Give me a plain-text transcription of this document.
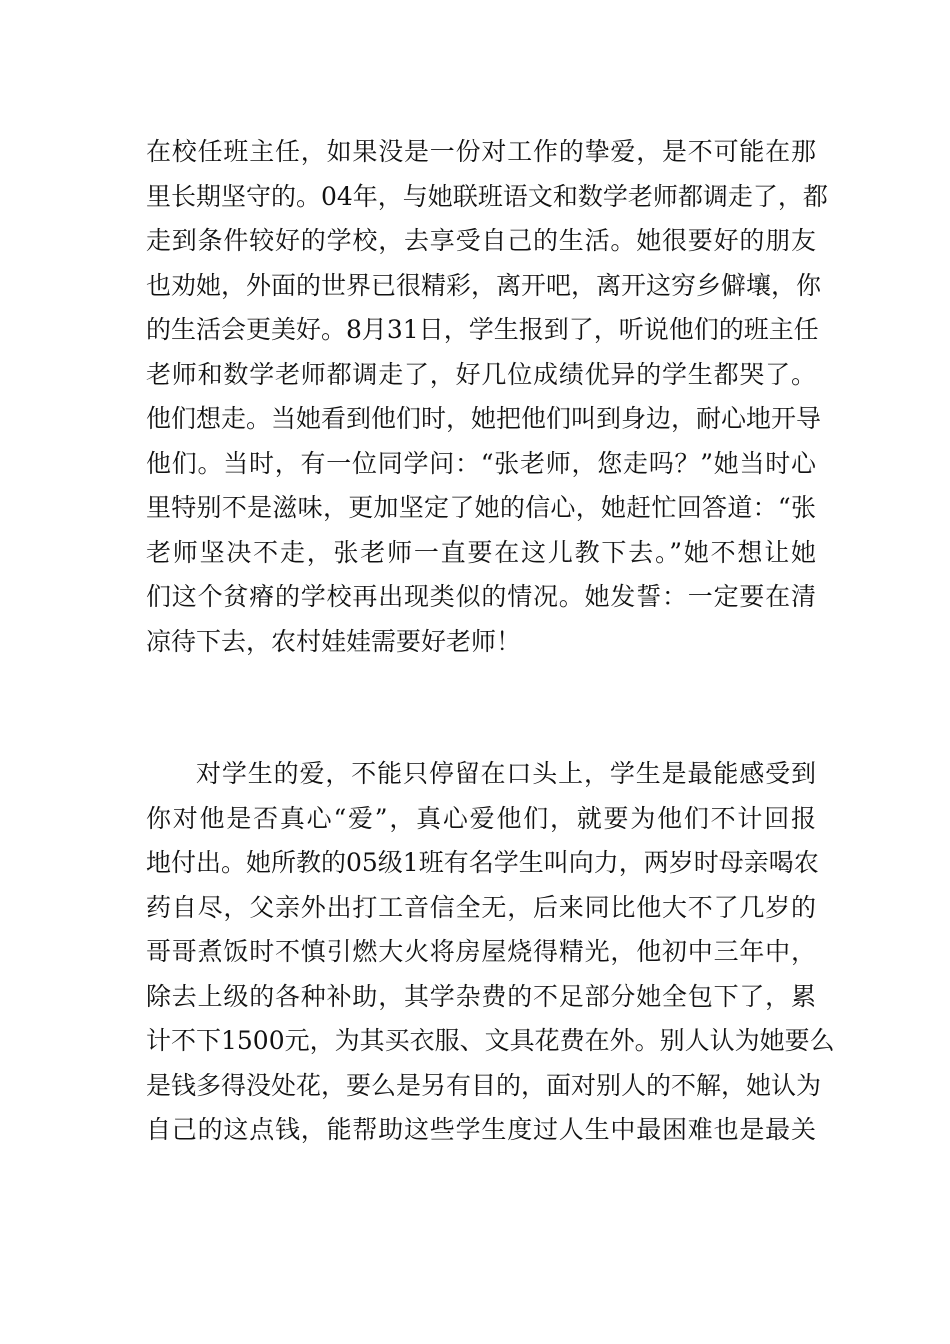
在校任班主任，如果没是一份对工作的挚爱，是不可能在那
里长期坚守的。04年，与她联班语文和数学老师都调走了，都
走到条件较好的学校，去享受自己的生活。她很要好的朋友
也劝她，外面的世界已很精彩，离开吧，离开这穷乡僻壤，你
的生活会更美好。8月31日，学生报到了，听说他们的班主任
老师和数学老师都调走了，好几位成绩优异的学生都哭了。
他们想走。当她看到他们时，她把他们叫到身边，耐心地开导
他们。当时，有一位同学问：“张老师，您走吗？”她当时心
里特别不是滋味，更加坚定了她的信心，她赶忙回答道：“张
老师坚决不走，张老师一直要在这儿教下去。”她不想让她
们这个贫瘠的学校再出现类似的情况。她发誓：一定要在清
凉待下去，农村娃娃需要好老师！
对学生的爱，不能只停留在口头上，学生是最能感受到
你对他是否真心“爱”，真心爱他们，就要为他们不计回报
地付出。她所教的05级1班有名学生叫向力，两岁时母亲喝农
药自尽，父亲外出打工音信全无，后来同比他大不了几岁的
哥哥煮饭时不慎引燃大火将房屋烧得精光，他初中三年中，
除去上级的各种补助，其学杂费的不足部分她全包下了，累
计不下1500元，为其买衣服、文具花费在外。别人认为她要么
是钱多得没处花，要么是另有目的，面对别人的不解，她认为
自己的这点钱，能帮助这些学生度过人生中最困难也是最关
